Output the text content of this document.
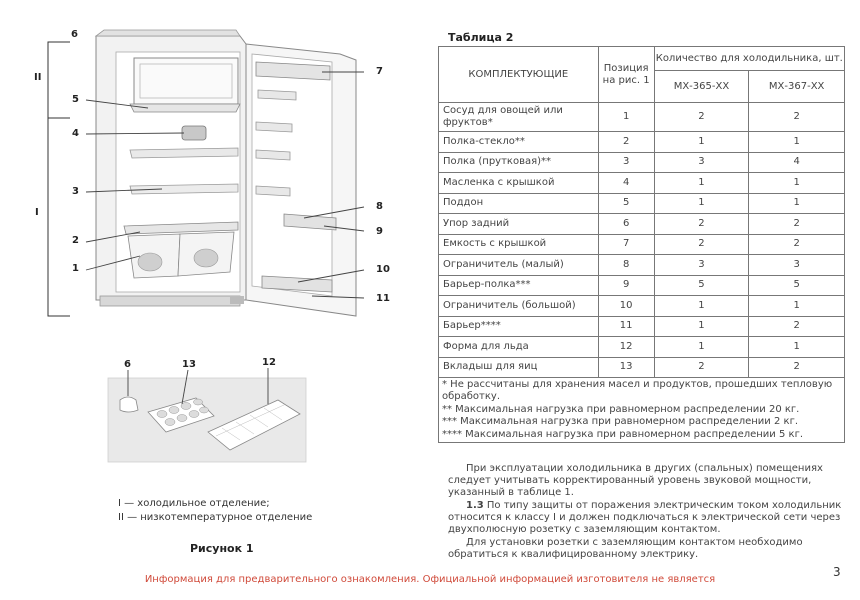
6
II
5
4
3
I
2
1
7
8
9
10
11
6	13	12
I — холодильное отделение;
II — низкотемпературное отделение
Рисунок 1
Таблица 2
КОМПЛЕКТУЮЩИЕ	Позиция на рис. 1	Количество для холодильника, шт.	
		МХ-365-ХХ	МХ-367-ХХ
Сосуд для овощей или фруктов*	1	2	2
Полка-стекло**	2	1	1
Полка (прутковая)**	3	3	4
Масленка с крышкой	4	1	1
Поддон	5	1	1
Упор задний	6	2	2
Емкость с крышкой	7	2	2
Ограничитель (малый)	8	3	3
Барьер-полка***	9	5	5
Ограничитель (большой)	10	1	1
Барьер****	11	1	2
Форма для льда	12	1	1
Вкладыш для яиц	13	2	2

* Не рассчитаны для хранения масел и продуктов, прошедших тепловую обработку.
** Максимальная нагрузка при равномерном распределении 20 кг.
*** Максимальная нагрузка при равномерном распределении 2 кг.
**** Максимальная нагрузка при равномерном распределении 5 кг.			
При эксплуатации холодильника в других (спальных) помещениях следует учитывать корректированный уровень звуковой мощности, указанный в таблице 1.
1.3 По типу защиты от поражения электрическим током холодильник относится к классу I и должен подключаться к электрической сети через двухполюсную розетку с заземляющим контактом.
Для установки розетки с заземляющим контактом необходимо обратиться к квалифицированному электрику.
3
Информация для предварительного ознакомления. Официальной информацией изготовителя не является
